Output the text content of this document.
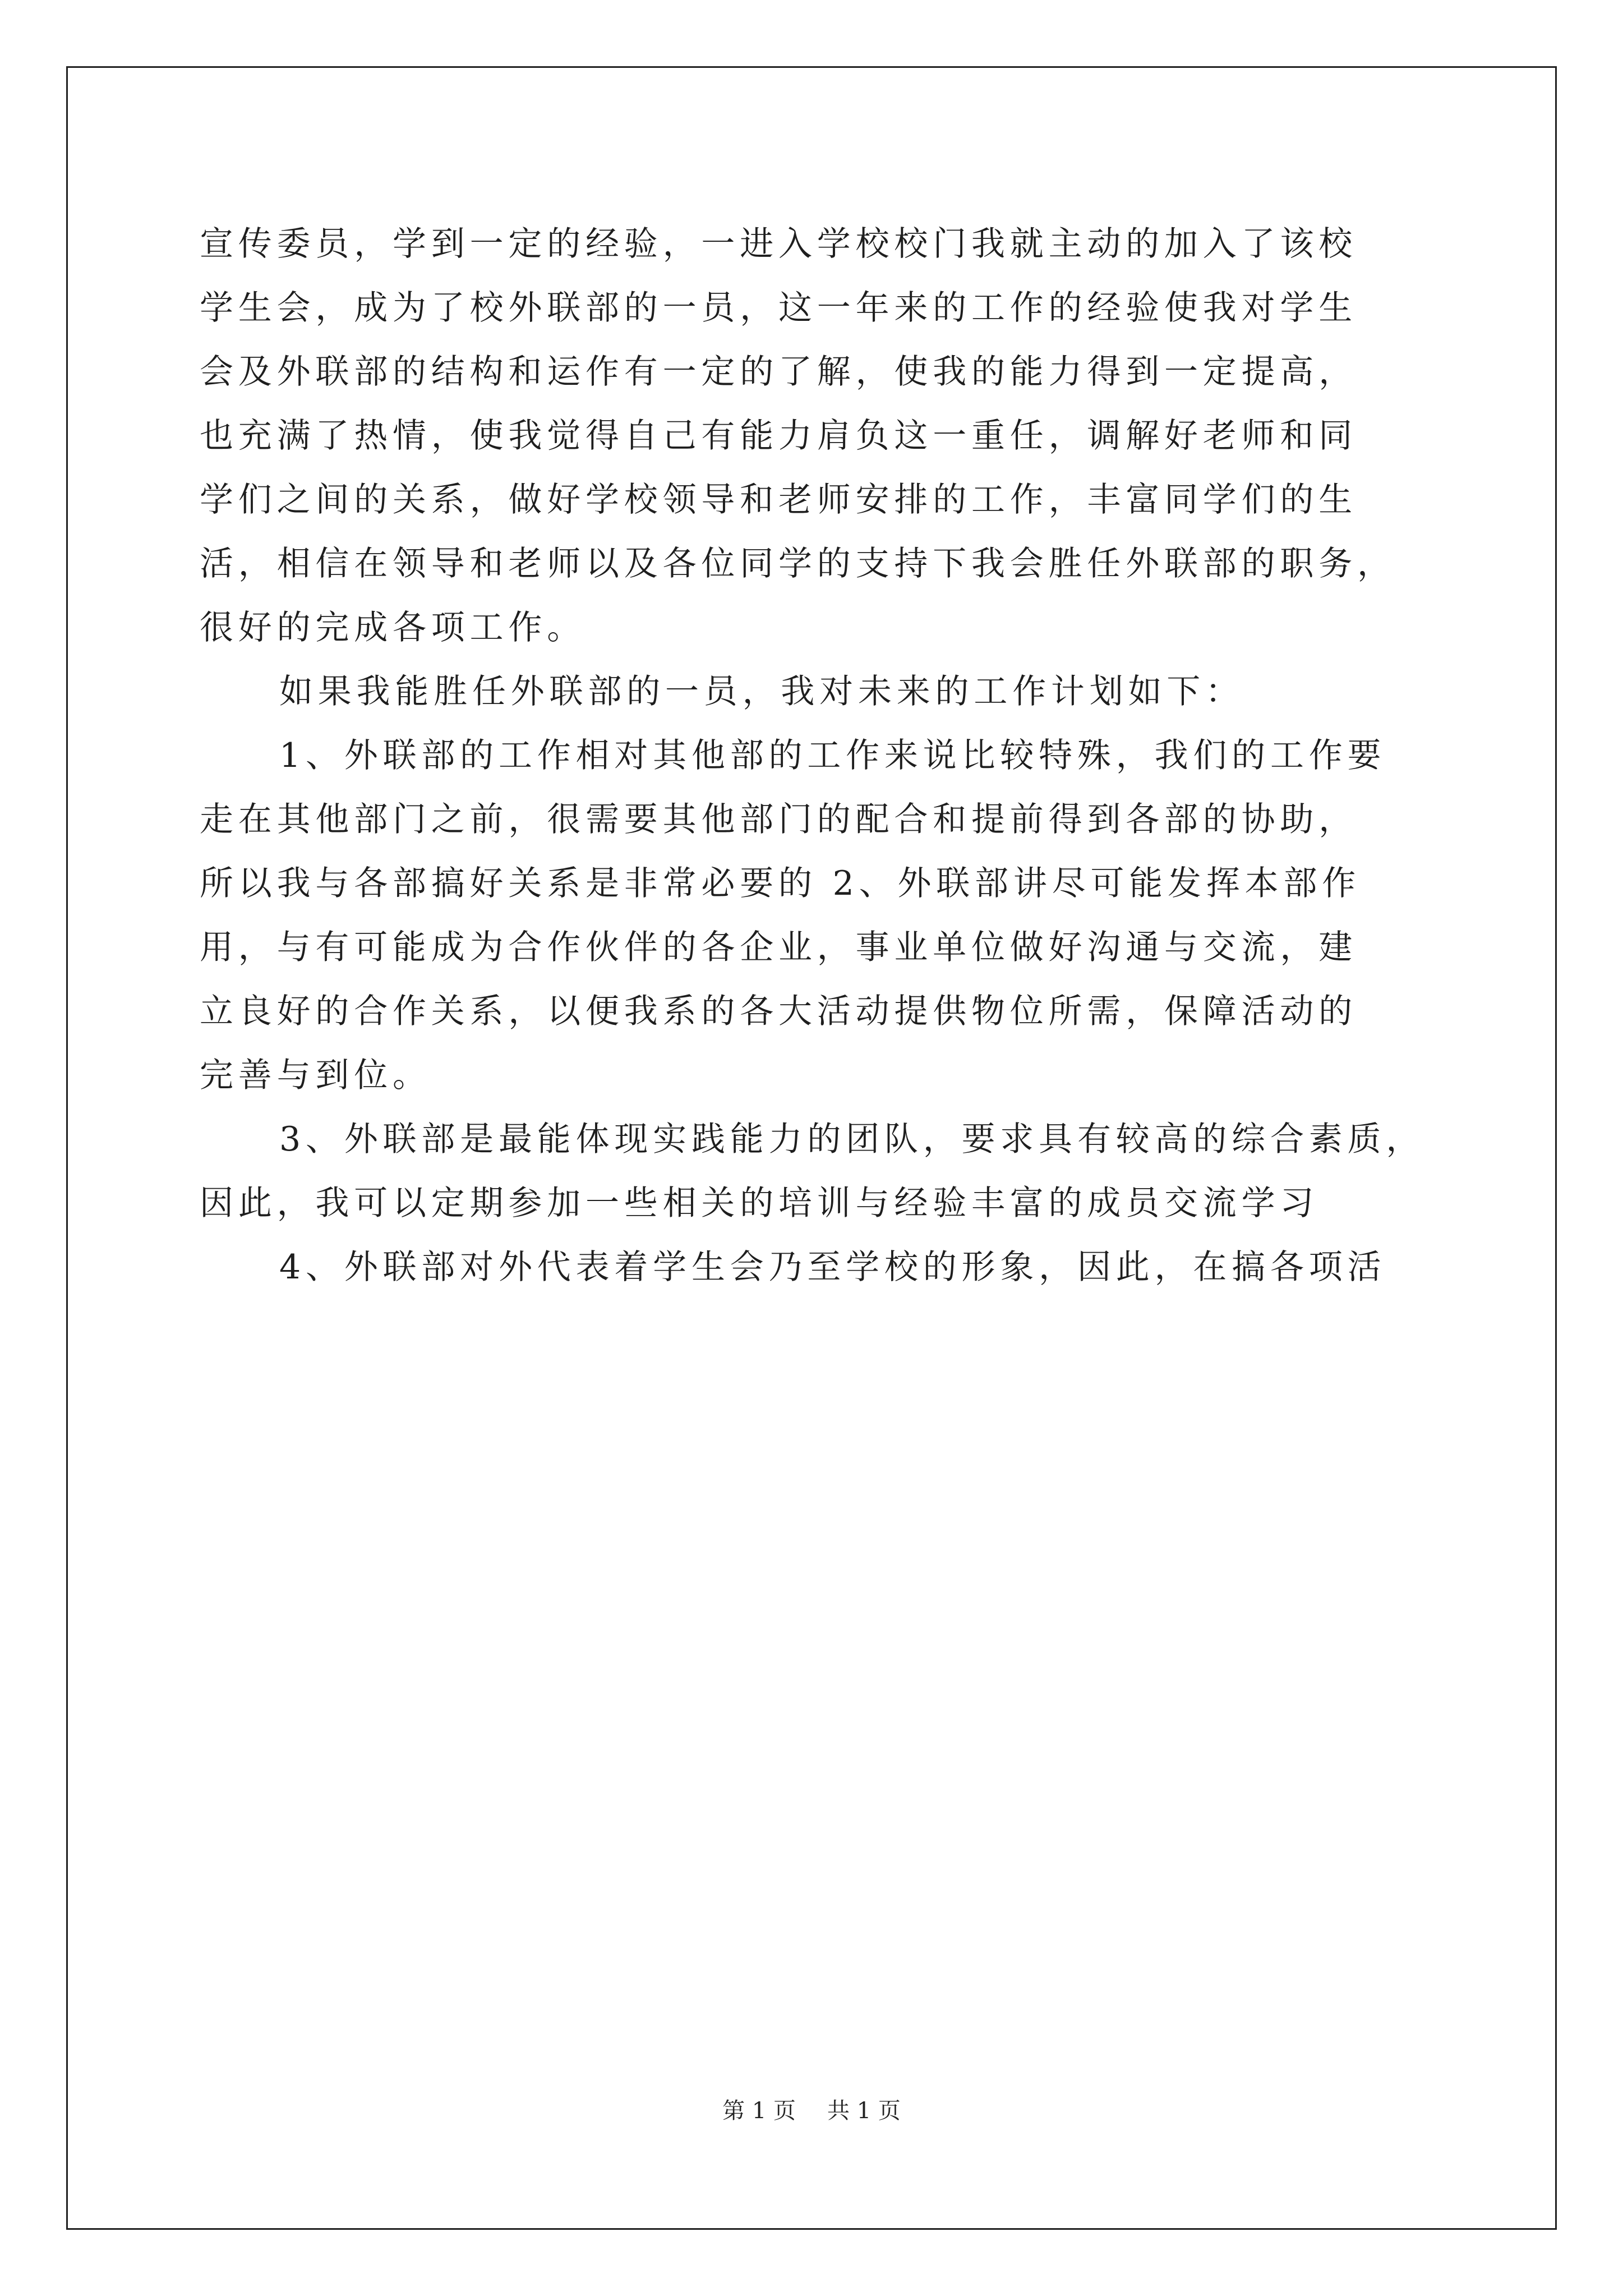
宣传委员，学到一定的经验，一进入学校校门我就主动的加入了该校
学生会，成为了校外联部的一员，这一年来的工作的经验使我对学生
会及外联部的结构和运作有一定的了解，使我的能力得到一定提高，
也充满了热情，使我觉得自己有能力肩负这一重任，调解好老师和同
学们之间的关系，做好学校领导和老师安排的工作，丰富同学们的生
活，相信在领导和老师以及各位同学的支持下我会胜任外联部的职务，
很好的完成各项工作。
如果我能胜任外联部的一员，我对未来的工作计划如下：
1、外联部的工作相对其他部的工作来说比较特殊，我们的工作要
走在其他部门之前，很需要其他部门的配合和提前得到各部的协助，
所以我与各部搞好关系是非常必要的 2、外联部讲尽可能发挥本部作
用，与有可能成为合作伙伴的各企业，事业单位做好沟通与交流，建
立良好的合作关系，以便我系的各大活动提供物位所需，保障活动的
完善与到位。
3、外联部是最能体现实践能力的团队，要求具有较高的综合素质，
因此，我可以定期参加一些相关的培训与经验丰富的成员交流学习
4、外联部对外代表着学生会乃至学校的形象，因此，在搞各项活
第 1 页 共 1 页
